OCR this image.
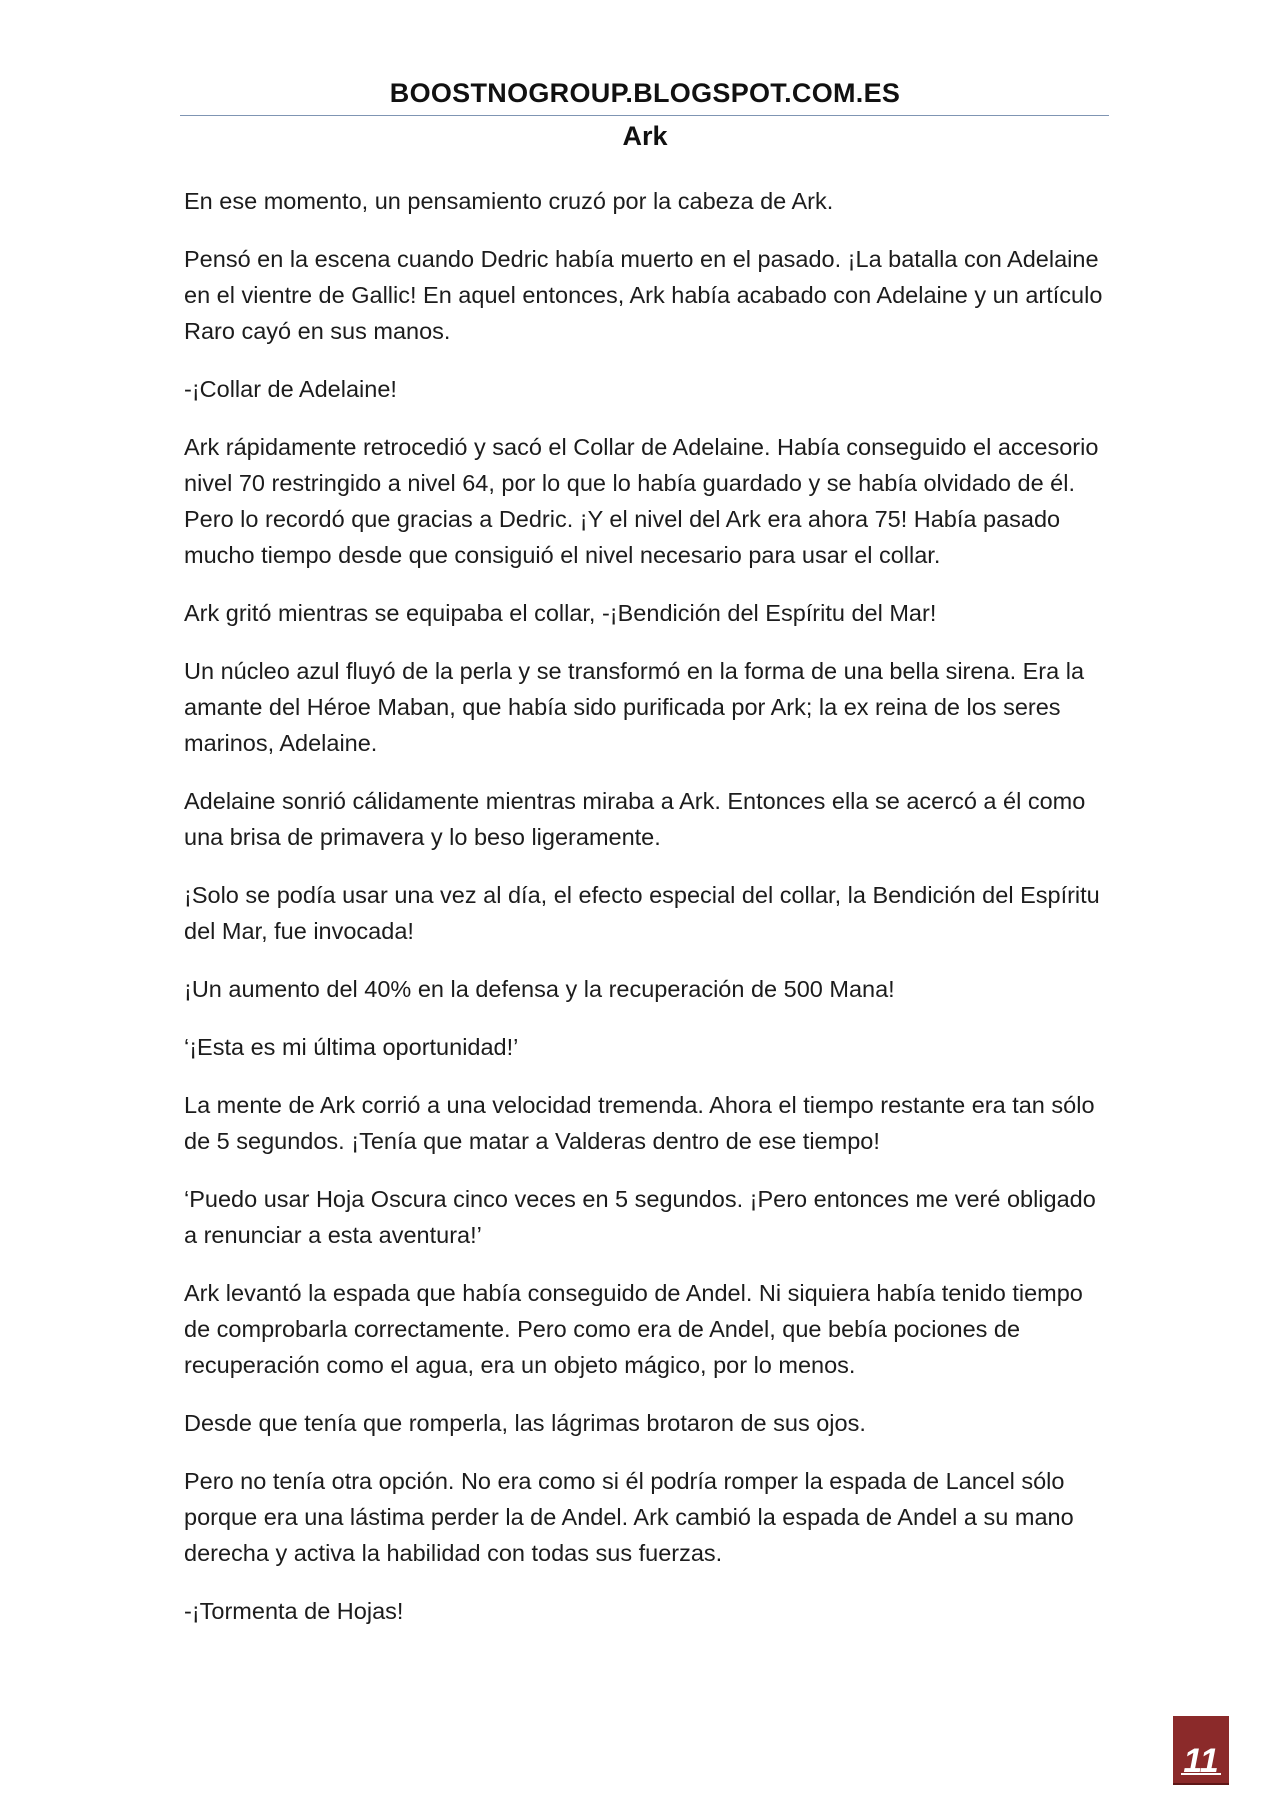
BOOSTNOGROUP.BLOGSPOT.COM.ES
Ark

En ese momento, un pensamiento cruzó por la cabeza de Ark.

Pensó en la escena cuando Dedric había muerto en el pasado. ¡La batalla con Adelaine en el vientre de Gallic! En aquel entonces, Ark había acabado con Adelaine y un artículo Raro cayó en sus manos.

-¡Collar de Adelaine!

Ark rápidamente retrocedió y sacó el Collar de Adelaine. Había conseguido el accesorio nivel 70 restringido a nivel 64, por lo que lo había guardado y se había olvidado de él. Pero lo recordó que gracias a Dedric. ¡Y el nivel del Ark era ahora 75! Había pasado mucho tiempo desde que consiguió el nivel necesario para usar el collar.

Ark gritó mientras se equipaba el collar, -¡Bendición del Espíritu del Mar!

Un núcleo azul fluyó de la perla y se transformó en la forma de una bella sirena. Era la amante del Héroe Maban, que había sido purificada por Ark; la ex reina de los seres marinos, Adelaine.

Adelaine sonrió cálidamente mientras miraba a Ark. Entonces ella se acercó a él como una brisa de primavera y lo beso ligeramente.

¡Solo se podía usar una vez al día, el efecto especial del collar, la Bendición del Espíritu del Mar, fue invocada!

¡Un aumento del 40% en la defensa y la recuperación de 500 Mana!

‘¡Esta es mi última oportunidad!’

La mente de Ark corrió a una velocidad tremenda. Ahora el tiempo restante era tan sólo de 5 segundos. ¡Tenía que matar a Valderas dentro de ese tiempo!

‘Puedo usar Hoja Oscura cinco veces en 5 segundos. ¡Pero entonces me veré obligado a renunciar a esta aventura!’

Ark levantó la espada que había conseguido de Andel. Ni siquiera había tenido tiempo de comprobarla correctamente. Pero como era de Andel, que bebía pociones de recuperación como el agua, era un objeto mágico, por lo menos.

Desde que tenía que romperla, las lágrimas brotaron de sus ojos.

Pero no tenía otra opción. No era como si él podría romper la espada de Lancel sólo porque era una lástima perder la de Andel. Ark cambió la espada de Andel a su mano derecha y activa la habilidad con todas sus fuerzas.

-¡Tormenta de Hojas!

11
